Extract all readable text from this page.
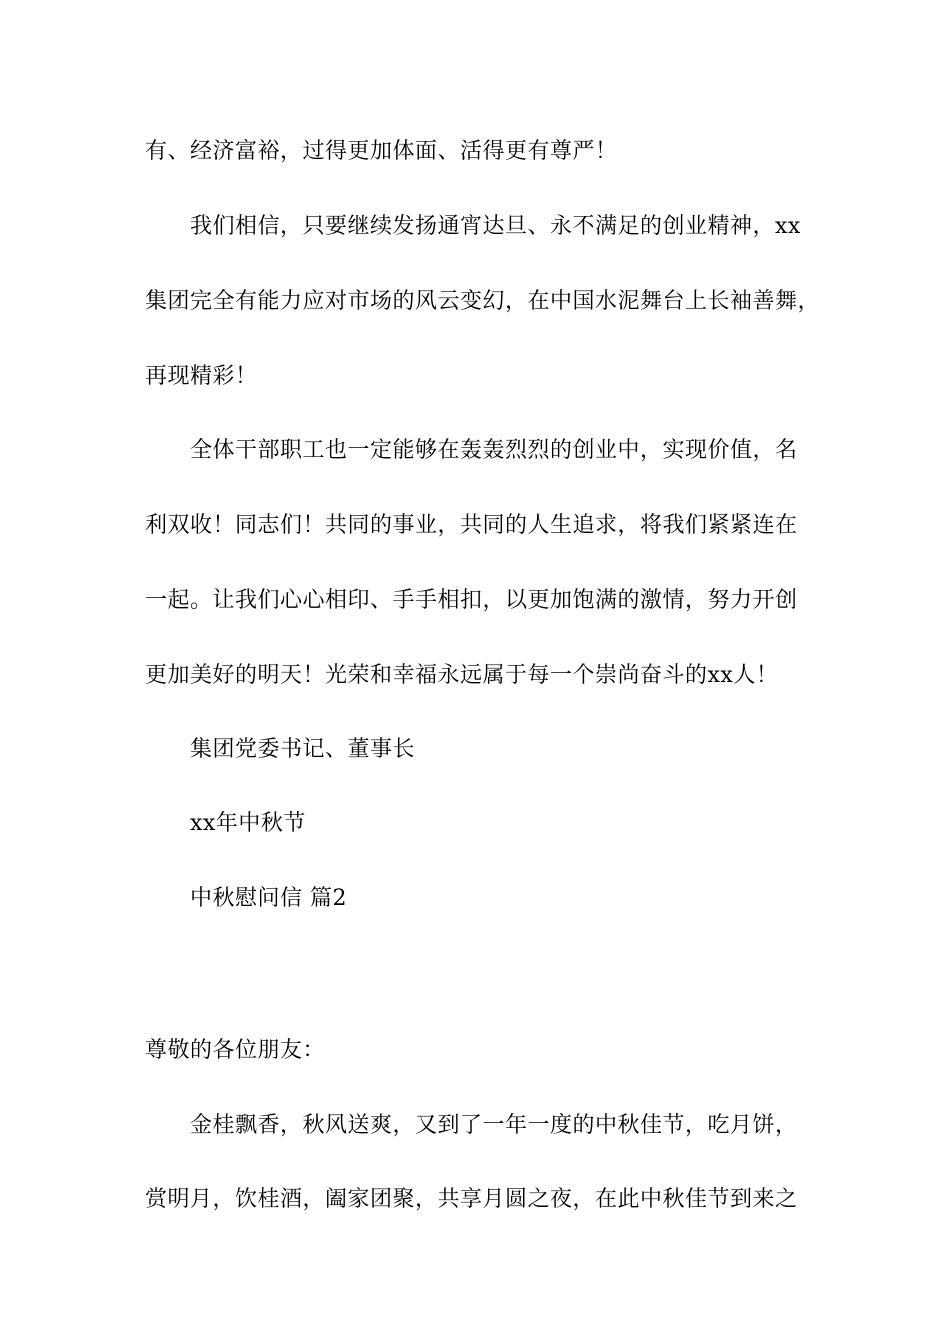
有、经济富裕，过得更加体面、活得更有尊严！
我们相信，只要继续发扬通宵达旦、永不满足的创业精神，xx
集团完全有能力应对市场的风云变幻，在中国水泥舞台上长袖善舞，
再现精彩！
全体干部职工也一定能够在轰轰烈烈的创业中，实现价值，名
利双收！同志们！共同的事业，共同的人生追求，将我们紧紧连在
一起。让我们心心相印、手手相扣，以更加饱满的激情，努力开创
更加美好的明天！光荣和幸福永远属于每一个崇尚奋斗的xx人！
集团党委书记、董事长
xx年中秋节
中秋慰问信 篇2
尊敬的各位朋友：
金桂飘香，秋风送爽，又到了一年一度的中秋佳节，吃月饼，
赏明月，饮桂酒，阖家团聚，共享月圆之夜，在此中秋佳节到来之
